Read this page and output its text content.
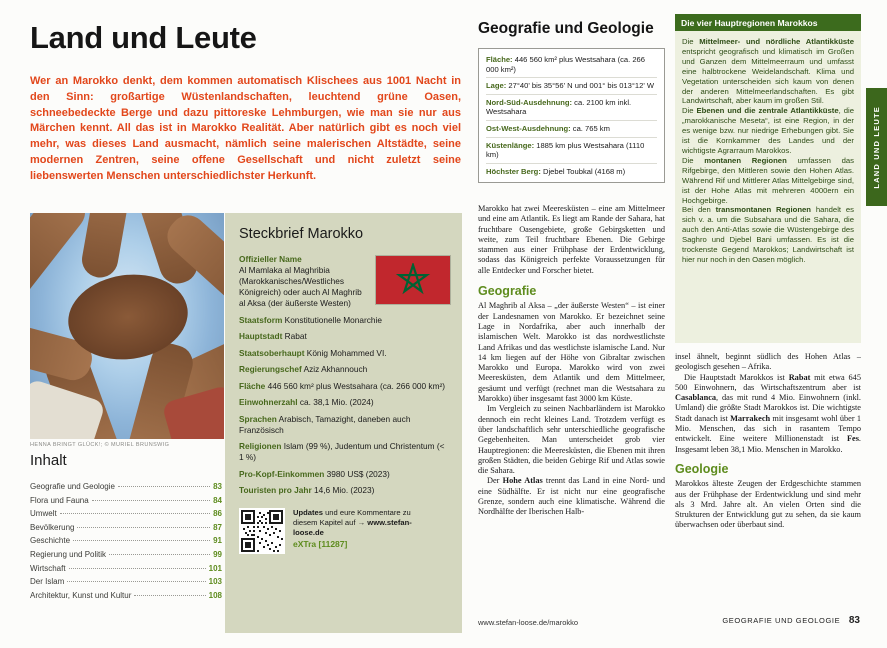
LAND UND LEUTE
Land und Leute

Wer an Marokko denkt, dem kommen automatisch Klischees aus 1001 Nacht in den Sinn: großartige Wüstenlandschaften, leuchtend grüne Oasen, schneebedeckte Berge und dazu pittoreske Lehmburgen, wie man sie nur aus Märchen kennt. All das ist in Marokko Realität. Aber natürlich gibt es noch viel mehr, was dieses Land ausmacht, nämlich seine malerischen Altstädte, seine modernen Zentren, seine offene Gesellschaft und nicht zuletzt seine liebenswerten Menschen unterschiedlichster Herkunft.

HENNA BRINGT GLÜCK!; © MURIEL BRUNSWIG
Inhalt
Geografie und Geologie	83
Flora und Fauna	84
Umwelt	86
Bevölkerung	87
Geschichte	91
Regierung und Politik	99
Wirtschaft	101
Der Islam	103
Architektur, Kunst und Kultur	108
Steckbrief Marokko
Offizieller Name
Al Mamlaka al Maghribia (Marokkanisches/Westliches Königreich) oder auch Al Maghrib al Aksa (der äußerste Westen)
Staatsform Konstitutionelle Monarchie
Hauptstadt Rabat
Staatsoberhaupt König Mohammed VI.
Regierungschef Aziz Akhannouch
Fläche 446 560 km² plus Westsahara (ca. 266 000 km²)
Einwohnerzahl ca. 38,1 Mio. (2024)
Sprachen Arabisch, Tamazight, daneben auch Französisch
Religionen Islam (99 %), Judentum und Christentum (< 1 %)
Pro-Kopf-Einkommen 3980 US$ (2023)
Touristen pro Jahr 14,6 Mio. (2023)

Updates und eure Kommentare zu diesem Kapitel auf → www.stefan-loose.de

eXTra [11287]
Geografie und Geologie
Fläche: 446 560 km² plus Westsahara (ca. 266 000 km²)
Lage: 27°40' bis 35°56' N und 001° bis 013°12' W
Nord-Süd-Ausdehnung: ca. 2100 km inkl. Westsahara
Ost-West-Ausdehnung: ca. 765 km
Küstenlänge: 1885 km plus Westsahara (1110 km)
Höchster Berg: Djebel Toubkal (4168 m)

Marokko hat zwei Meeresküsten – eine am Mittelmeer und eine am Atlantik. Es liegt am Rande der Sahara, hat fruchtbare Oasengebiete, große Gebirgsketten und weite, zum Teil fruchtbare Ebenen. Die Gebirge stammen aus einer Frühphase der Erdentwicklung, sodass das Königreich perfekte Voraussetzungen für alle Entdecker und Forscher bietet.

Geografie

Al Maghrib al Aksa – „der äußerste Westen“ – ist einer der Landesnamen von Marokko. Er bezeichnet seine Lage in Nordafrika, aber auch innerhalb der islamischen Welt. Marokko ist das nordwestlichste Land Afrikas und das westlichste islamische Land. Nur 14 km liegen auf der Höhe von Gibraltar zwischen Marokko und Europa. Marokko wird von zwei Meeresküsten, dem Atlantik und dem Mittelmeer, gesäumt und verfügt (rechnet man die Westsahara zu Marokko) über insgesamt fast 3000 km Küste.

Im Vergleich zu seinen Nachbarländern ist Marokko dennoch ein recht kleines Land. Trotzdem verfügt es über landschaftlich sehr unterschiedliche geografische Gegebenheiten. Man unterscheidet grob vier Hauptregionen: die Meeresküsten, die Ebenen mit ihren großen Städten, die beiden Gebirge Rif und Atlas sowie die Sahara.

Der Hohe Atlas trennt das Land in eine Nord- und eine Südhälfte. Er ist nicht nur eine geografische Grenze, sondern auch eine klimatische. Während die Nordhälfte der Iberischen Halb-

Die vier Hauptregionen Marokkos

Die Mittelmeer- und nördliche Atlantikküste entspricht geografisch und klimatisch im Großen und Ganzen dem Mittelmeerraum und umfasst eine halbtrockene Weidelandschaft. Klima und Vegetation unterscheiden sich kaum von denen der anderen Mittelmeerlandschaften. Es gibt Landwirtschaft, aber kaum im großen Stil.

Die Ebenen und die zentrale Atlantikküste, die „marokkanische Meseta“, ist eine Region, in der es wenige bzw. nur niedrige Erhebungen gibt. Sie ist die Kornkammer des Landes und der wichtigste Agrarraum Marokkos.

Die montanen Regionen umfassen das Rifgebirge, den Mittleren sowie den Hohen Atlas. Während Rif und Mittlerer Atlas Mittelgebirge sind, ist der Hohe Atlas mit mehreren 4000ern ein Hochgebirge.

Bei den transmontanen Regionen handelt es sich v. a. um die Subsahara und die Sahara, die auch den Anti-Atlas sowie die Wüstengebirge des Saghro und Djebel Bani umfassen. Es ist die trockenste Gegend Marokkos; Landwirtschaft ist hier nur noch in den Oasen möglich.

insel ähnelt, beginnt südlich des Hohen Atlas – geologisch gesehen – Afrika.

Die Hauptstadt Marokkos ist Rabat mit etwa 645 500 Einwohnern, das Wirtschaftszentrum aber ist Casablanca, das mit rund 4 Mio. Einwohnern (inkl. Umland) die größte Stadt Marokkos ist. Die wichtigste Stadt danach ist Marrakech mit insgesamt wohl über 1 Mio. Menschen, das sich in rasantem Tempo entwickelt. Eine weitere Millionenstadt ist Fes. Insgesamt leben 38,1 Mio. Menschen in Marokko.

Geologie

Marokkos älteste Zeugen der Erdgeschichte stammen aus der Frühphase der Erdentwicklung und sind mehr als 3 Mrd. Jahre alt. An vielen Orten sind die Strukturen der Entwicklung gut zu sehen, da sie kaum überwachsen oder überbaut sind.

www.stefan-loose.de/marokko	GEOGRAFIE UND GEOLOGIE 83
